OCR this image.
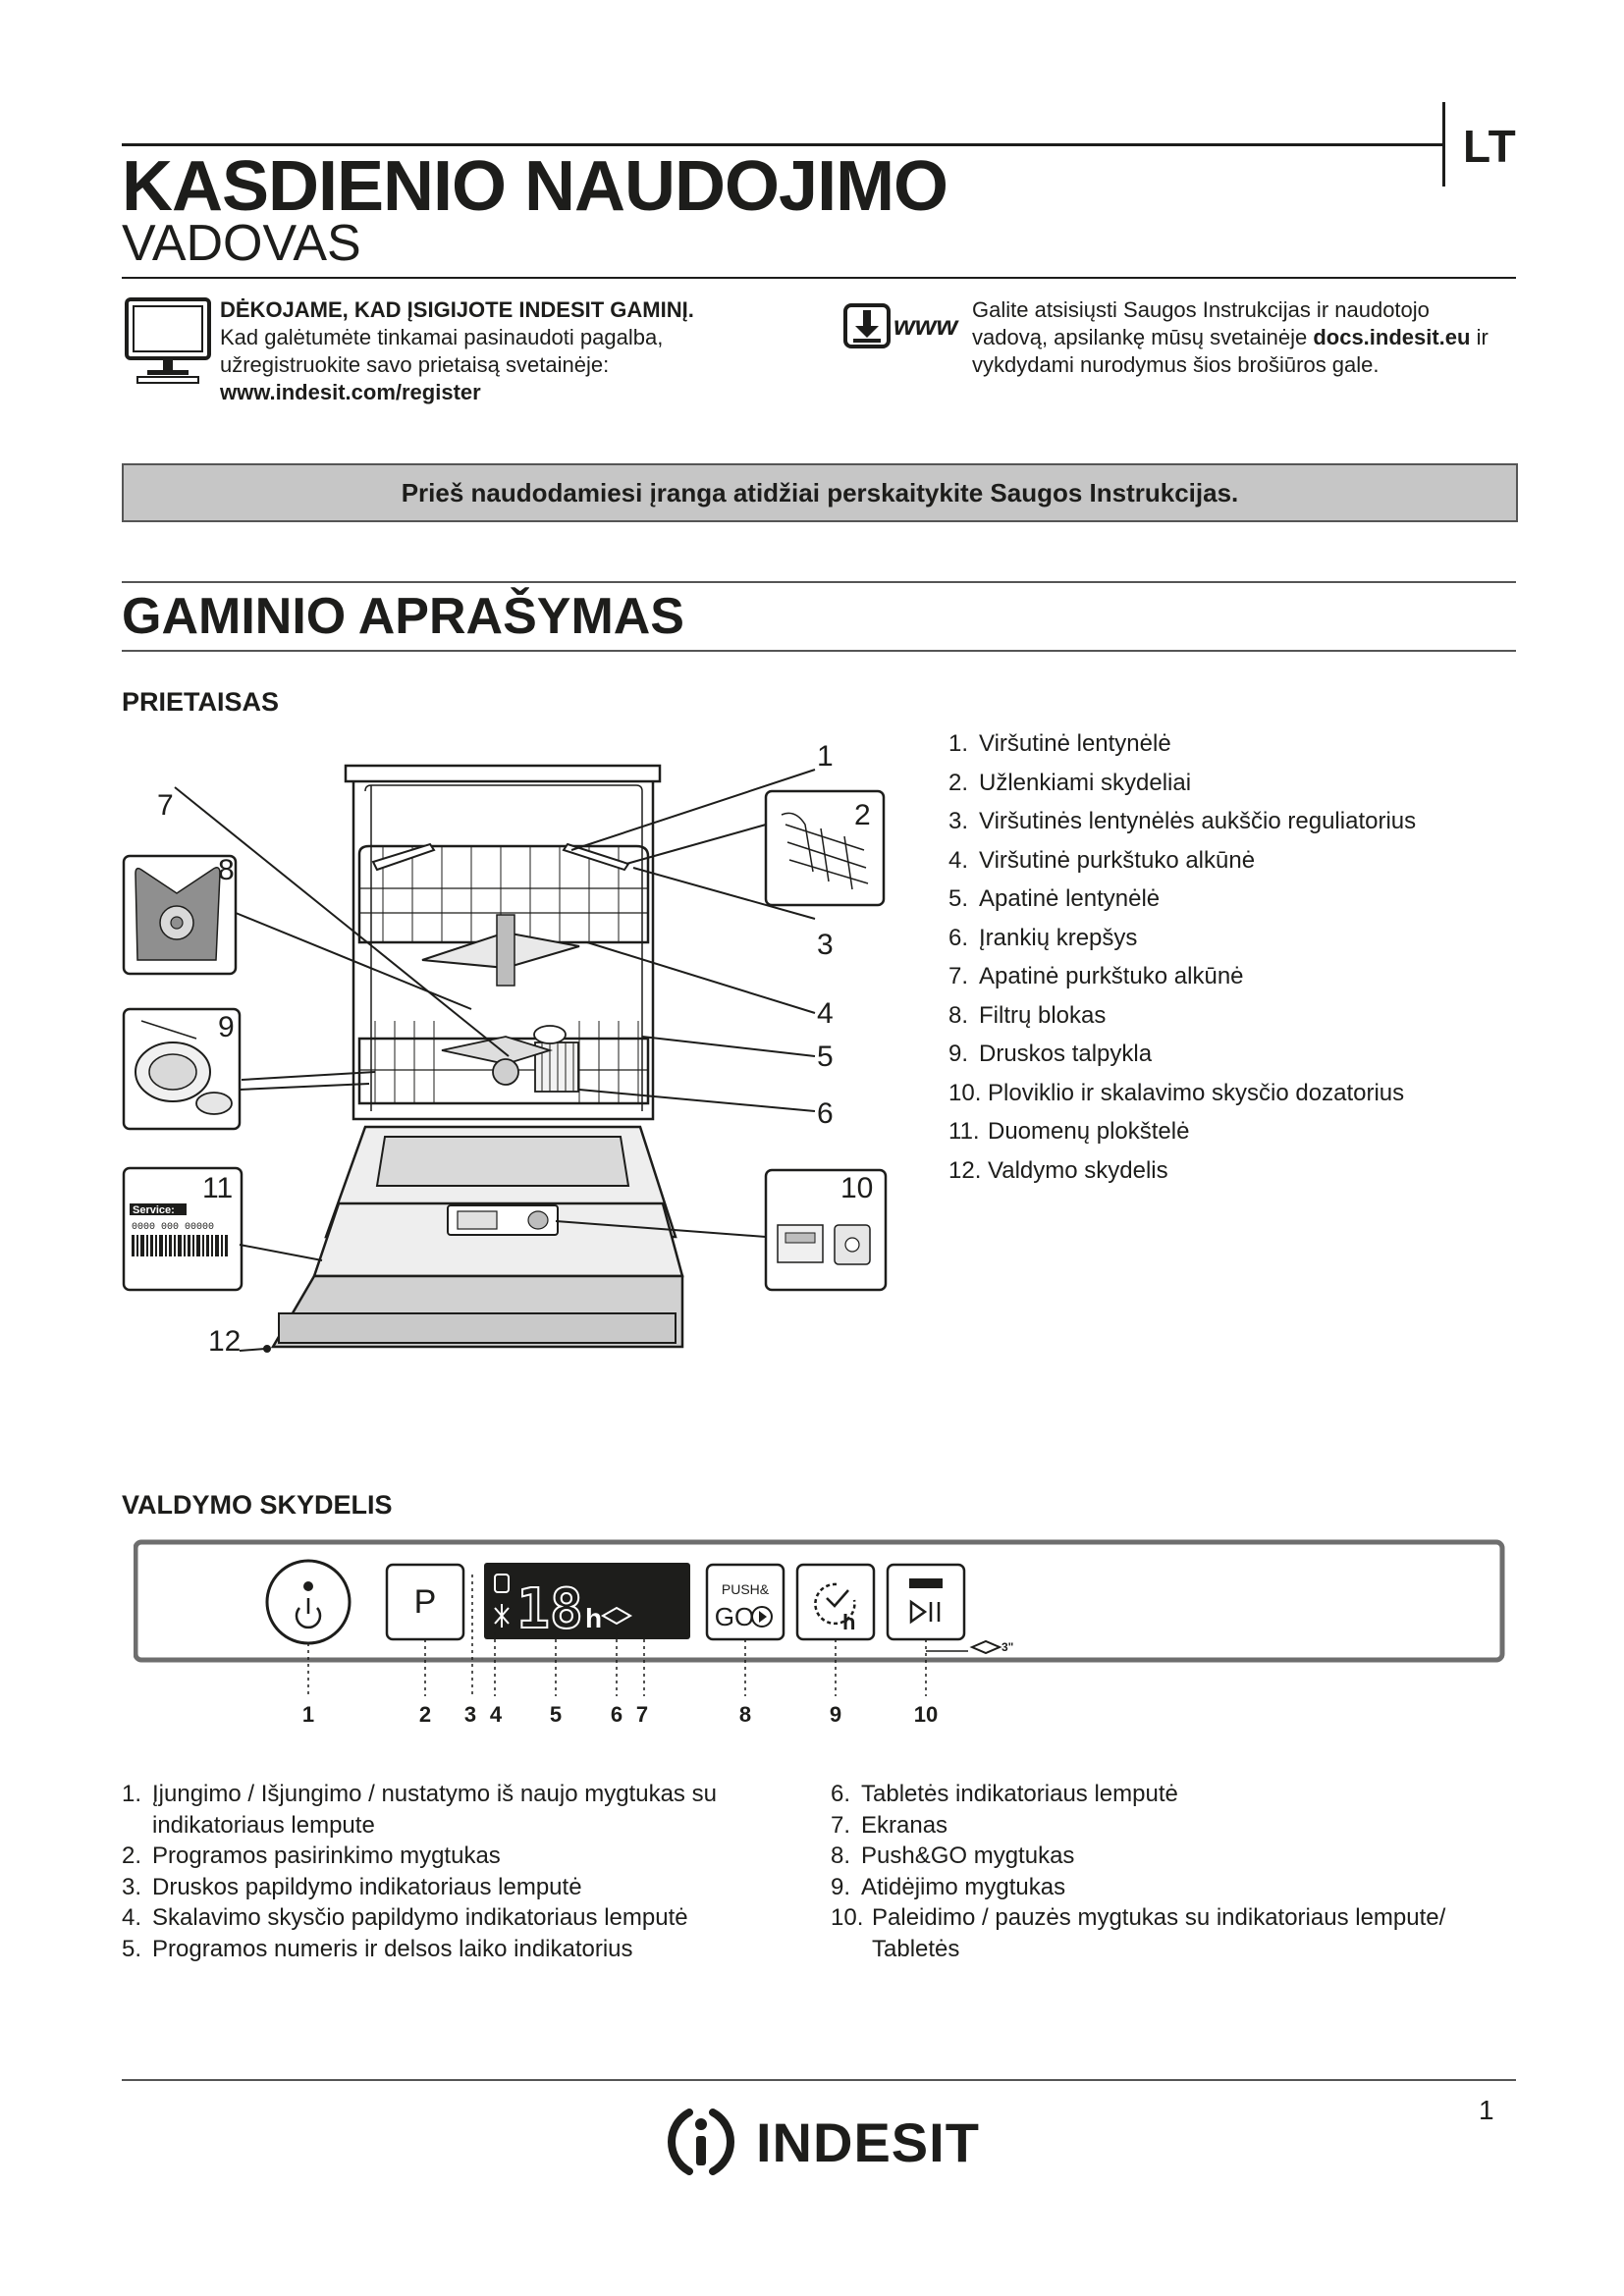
LT
KASDIENIO NAUDOJIMO
VADOVAS
DĖKOJAME, KAD ĮSIGIJOTE INDESIT GAMINĮ.
Kad galėtumėte tinkamai pasinaudoti pagalba,
užregistruokite savo prietaisą svetainėje:
www.indesit.com/register
www
Galite atsisiųsti Saugos Instrukcijas ir naudotojo
vadovą, apsilankę mūsų svetainėje docs.indesit.eu ir
vykdydami nurodymus šios brošiūros gale.
Prieš naudodamiesi įranga atidžiai perskaitykite Saugos Instrukcijas.
GAMINIO APRAŠYMAS
PRIETAISAS
Service:
0000 000 00000
1
2
3
4
5
6
7
8
9
10
11
12
1. Viršutinė lentynėlė
2. Užlenkiami skydeliai
3. Viršutinės lentynėlės aukščio reguliatorius
4. Viršutinė purkštuko alkūnė
5. Apatinė lentynėlė
6. Įrankių krepšys
7. Apatinė purkštuko alkūnė
8. Filtrų blokas
9. Druskos talpykla
10. Ploviklio ir skalavimo skysčio dozatorius
11. Duomenų plokštelė
12. Valdymo skydelis
VALDYMO SKYDELIS
P 18 h
PUSH&
GO	h
3"
1	2 3 4 5 6 7	8	9	10
1. Įjungimo / Išjungimo / nustatymo iš naujo mygtukas su indikatoriaus lempute
2. Programos pasirinkimo mygtukas
3. Druskos papildymo indikatoriaus lemputė
4. Skalavimo skysčio papildymo indikatoriaus lemputė
5. Programos numeris ir delsos laiko indikatorius
6. Tabletės indikatoriaus lemputė
7. Ekranas
8. Push&GO mygtukas
9. Atidėjimo mygtukas
10. Paleidimo / pauzės mygtukas su indikatoriaus lempute/ Tabletės
1
INDESIT
